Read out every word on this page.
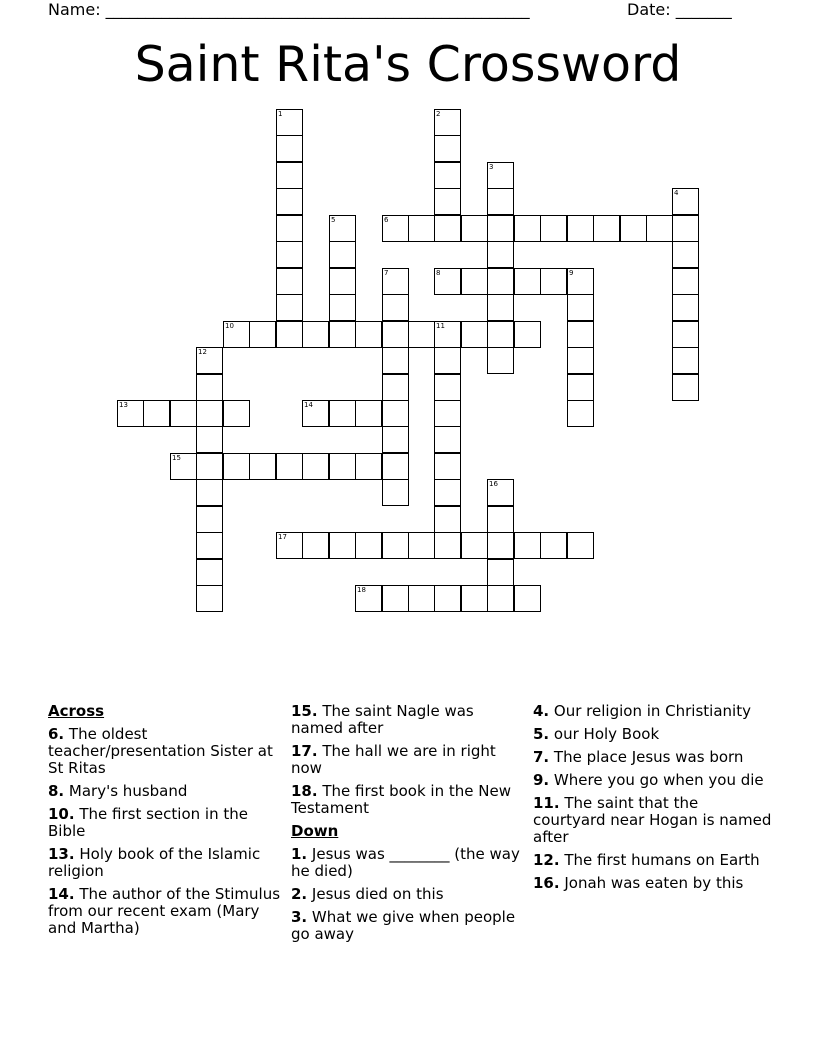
Name: _____________________________________________________	Date: _______
Saint Rita's Crossword
1	2
3
4
5	6
7	8	9
10	11
12
13	14
15
16
17
18
Across
6. The oldest teacher/presentation Sister at St Ritas
8. Mary's husband
10. The first section in the Bible
13. Holy book of the Islamic religion
14. The author of the Stimulus from our recent exam (Mary and Martha)
15. The saint Nagle was named after
17. The hall we are in right now
18. The first book in the New Testament
Down
1. Jesus was ________ (the way he died)
2. Jesus died on this
3. What we give when people go away
4. Our religion in Christianity
5. our Holy Book
7. The place Jesus was born
9. Where you go when you die
11. The saint that the courtyard near Hogan is named after
12. The first humans on Earth
16. Jonah was eaten by this
